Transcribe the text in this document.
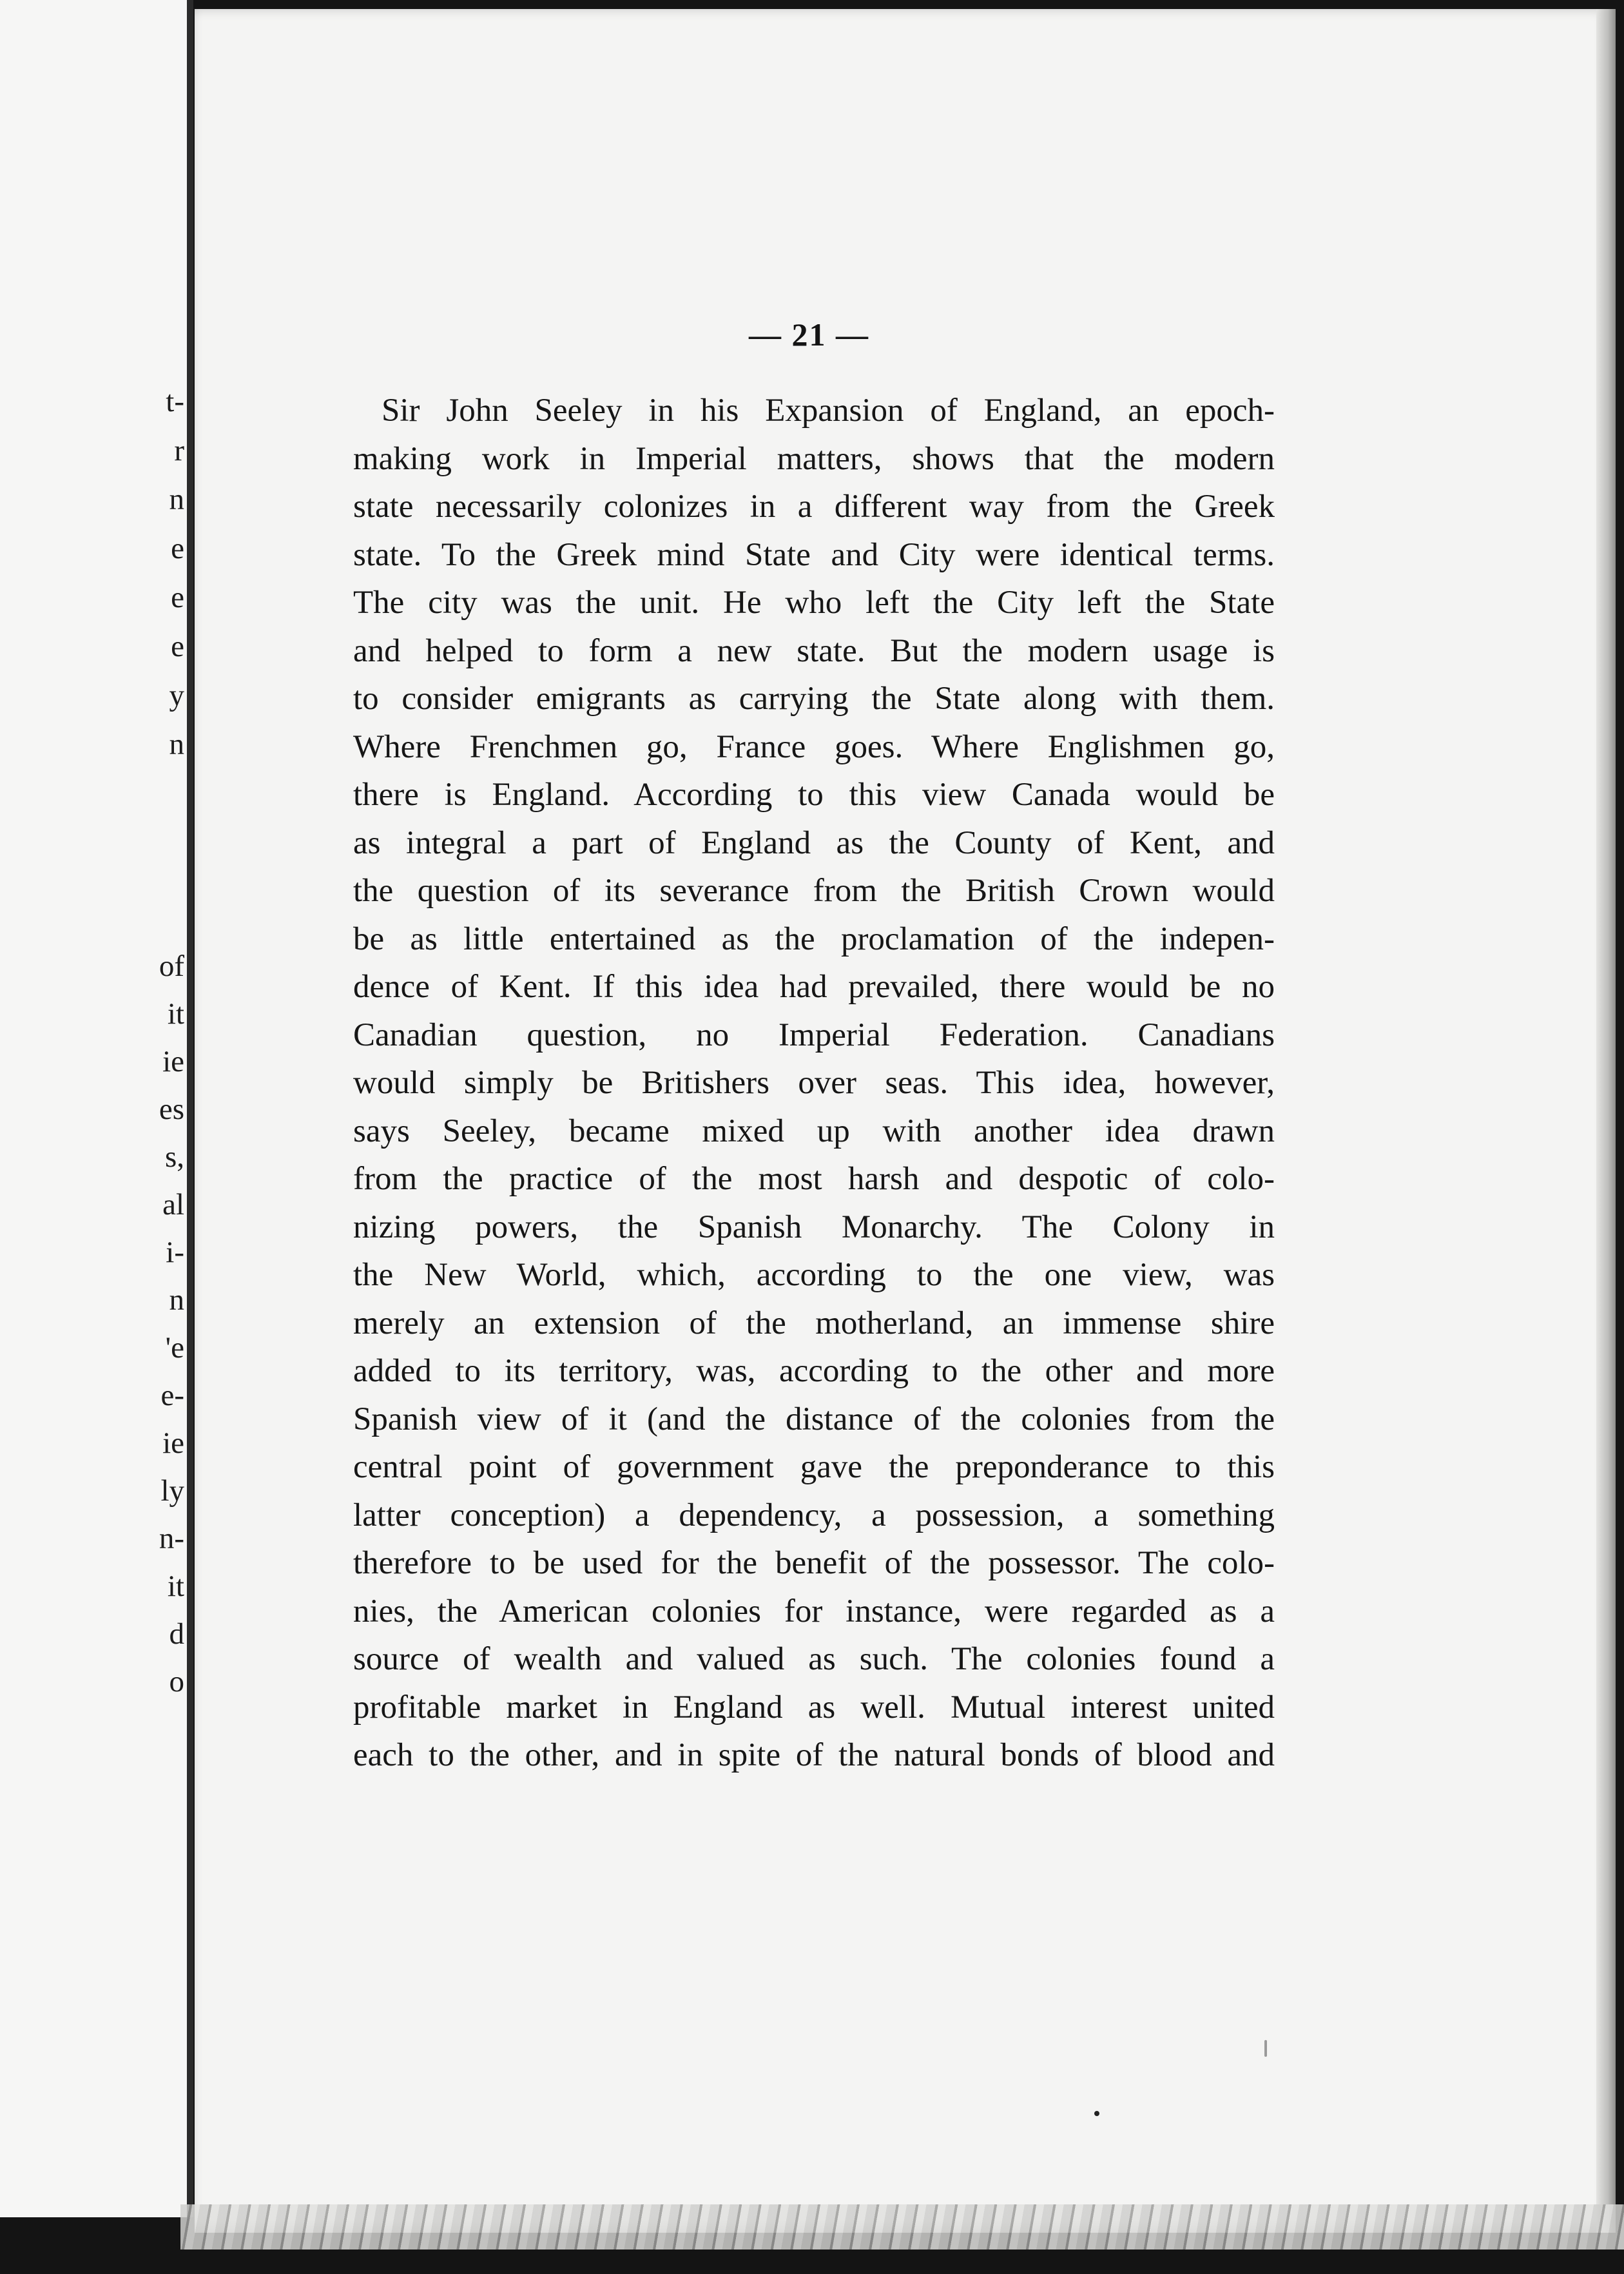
t-
r
n
e
e
e
y
n
of
it
ie
es
s,
al
i-
n
'e
e-
ie
ly
n-
it
d
o
— 21 —
Sir John Seeley in his Expansion of England, an epoch-
making work in Imperial matters, shows that the modern
state necessarily colonizes in a different way from the Greek
state. To the Greek mind State and City were identical terms.
The city was the unit. He who left the City left the State
and helped to form a new state. But the modern usage is
to consider emigrants as carrying the State along with them.
Where Frenchmen go, France goes. Where Englishmen go,
there is England. According to this view Canada would be
as integral a part of England as the County of Kent, and
the question of its severance from the British Crown would
be as little entertained as the proclamation of the indepen-
dence of Kent. If this idea had prevailed, there would be no
Canadian question, no Imperial Federation. Canadians
would simply be Britishers over seas. This idea, however,
says Seeley, became mixed up with another idea drawn
from the practice of the most harsh and despotic of colo-
nizing powers, the Spanish Monarchy. The Colony in
the New World, which, according to the one view, was
merely an extension of the motherland, an immense shire
added to its territory, was, according to the other and more
Spanish view of it (and the distance of the colonies from the
central point of government gave the preponderance to this
latter conception) a dependency, a possession, a something
therefore to be used for the benefit of the possessor. The colo-
nies, the American colonies for instance, were regarded as a
source of wealth and valued as such. The colonies found a
profitable market in England as well. Mutual interest united
each to the other, and in spite of the natural bonds of blood and
